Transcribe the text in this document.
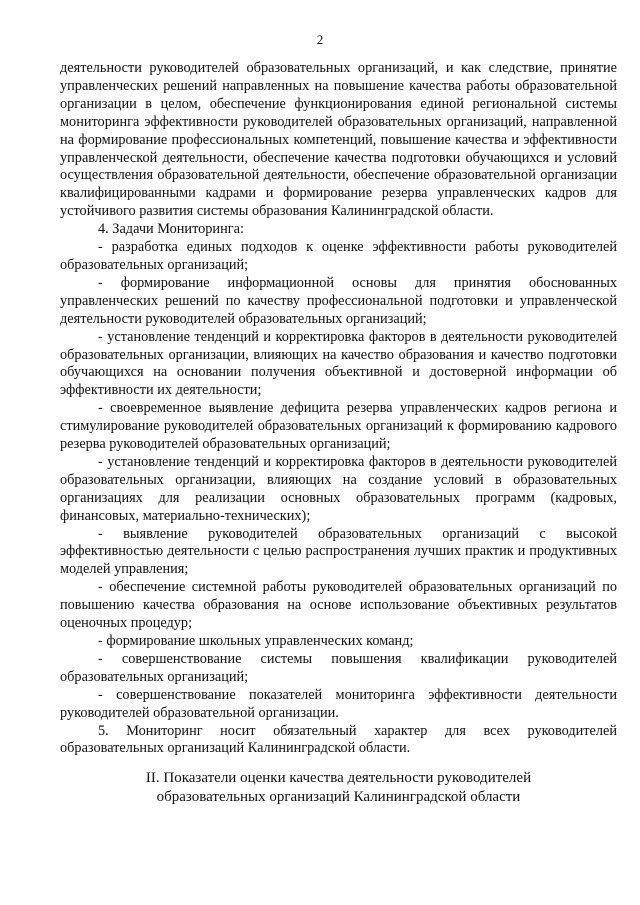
2

деятельности руководителей образовательных организаций, и как следствие, принятие управленческих решений направленных на повышение качества работы образовательной организации в целом, обеспечение функционирования единой региональной системы мониторинга эффективности руководителей образовательных организаций, направленной на формирование профессиональных компетенций, повышение качества и эффективности управленческой деятельности, обеспечение качества подготовки обучающихся и условий осуществления образовательной деятельности, обеспечение образовательной организации квалифицированными кадрами и формирование резерва управленческих кадров для устойчивого развития системы образования Калининградской области.

4. Задачи Мониторинга:

- разработка единых подходов к оценке эффективности работы руководителей образовательных организаций;

- формирование информационной основы для принятия обоснованных управленческих решений по качеству профессиональной подготовки и управленческой деятельности руководителей образовательных организаций;

- установление тенденций и корректировка факторов в деятельности руководителей образовательных организации, влияющих на качество образования и качество подготовки обучающихся на основании получения объективной и достоверной информации об эффективности их деятельности;

- своевременное выявление дефицита резерва управленческих кадров региона и стимулирование руководителей образовательных организаций к формированию кадрового резерва руководителей образовательных организаций;

- установление тенденций и корректировка факторов в деятельности руководителей образовательных организации, влияющих на создание условий в образовательных организациях для реализации основных образовательных программ (кадровых, финансовых, материально-технических);

- выявление руководителей образовательных организаций с высокой эффективностью деятельности с целью распространения лучших практик и продуктивных моделей управления;

- обеспечение системной работы руководителей образовательных организаций по повышению качества образования на основе использование объективных результатов оценочных процедур;

- формирование школьных управленческих команд;

- совершенствование системы повышения квалификации руководителей образовательных организаций;

- совершенствование показателей мониторинга эффективности деятельности руководителей образовательной организации.

5. Мониторинг носит обязательный характер для всех руководителей образовательных организаций Калининградской области.

II. Показатели оценки качества деятельности руководителей
образовательных организаций Калининградской области
